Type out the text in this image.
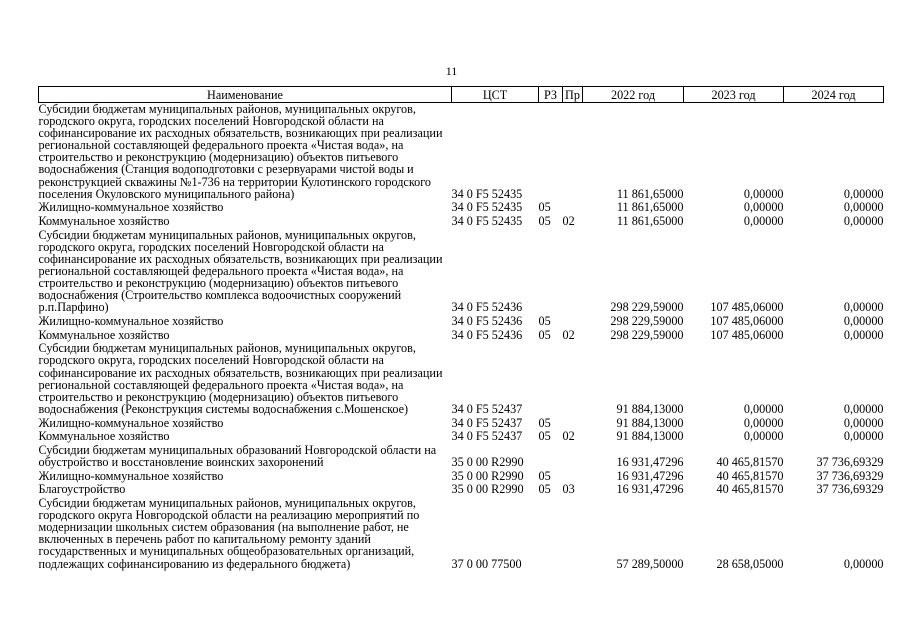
11
Наименование	ЦСТ	РЗ	Пр	2022 год	2023 год	2024 год
Субсидии бюджетам муниципальных районов, муниципальных округов, городского округа, городских поселений Новгородской области на софинансирование их расходных обязательств, возникающих при реализации региональной составляющей федерального проекта «Чистая вода», на строительство и реконструкцию (модернизацию) объектов питьевого водоснабжения (Станция водоподготовки с резервуарами чистой воды и реконструкцией скважины №1-736 на территории Кулотинского городского поселения Окуловского муниципального района)	34 0 F5 52435			11 861,65000	0,00000	0,00000
Жилищно-коммунальное хозяйство	34 0 F5 52435	05		11 861,65000	0,00000	0,00000
Коммунальное хозяйство	34 0 F5 52435	05	02	11 861,65000	0,00000	0,00000
Субсидии бюджетам муниципальных районов, муниципальных округов, городского округа, городских поселений Новгородской области на софинансирование их расходных обязательств, возникающих при реализации региональной составляющей федерального проекта «Чистая вода», на строительство и реконструкцию (модернизацию) объектов питьевого водоснабжения (Строительство комплекса водоочистных сооружений р.п.Парфино)	34 0 F5 52436			298 229,59000	107 485,06000	0,00000
Жилищно-коммунальное хозяйство	34 0 F5 52436	05		298 229,59000	107 485,06000	0,00000
Коммунальное хозяйство	34 0 F5 52436	05	02	298 229,59000	107 485,06000	0,00000
Субсидии бюджетам муниципальных районов, муниципальных округов, городского округа, городских поселений Новгородской области на софинансирование их расходных обязательств, возникающих при реализации региональной составляющей федерального проекта «Чистая вода», на строительство и реконструкцию (модернизацию) объектов питьевого водоснабжения (Реконструкция системы водоснабжения с.Мошенское)	34 0 F5 52437			91 884,13000	0,00000	0,00000
Жилищно-коммунальное хозяйство	34 0 F5 52437	05		91 884,13000	0,00000	0,00000
Коммунальное хозяйство	34 0 F5 52437	05	02	91 884,13000	0,00000	0,00000
Субсидии бюджетам муниципальных образований Новгородской области на обустройство и восстановление воинских захоронений	35 0 00 R2990			16 931,47296	40 465,81570	37 736,69329
Жилищно-коммунальное хозяйство	35 0 00 R2990	05		16 931,47296	40 465,81570	37 736,69329
Благоустройство	35 0 00 R2990	05	03	16 931,47296	40 465,81570	37 736,69329
Субсидии бюджетам муниципальных районов, муниципальных округов, городского округа Новгородской области на реализацию мероприятий по модернизации школьных систем образования (на выполнение работ, не включенных в перечень работ по капитальному ремонту зданий государственных и муниципальных общеобразовательных организаций, подлежащих софинансированию из федерального бюджета)	37 0 00 77500			57 289,50000	28 658,05000	0,00000
